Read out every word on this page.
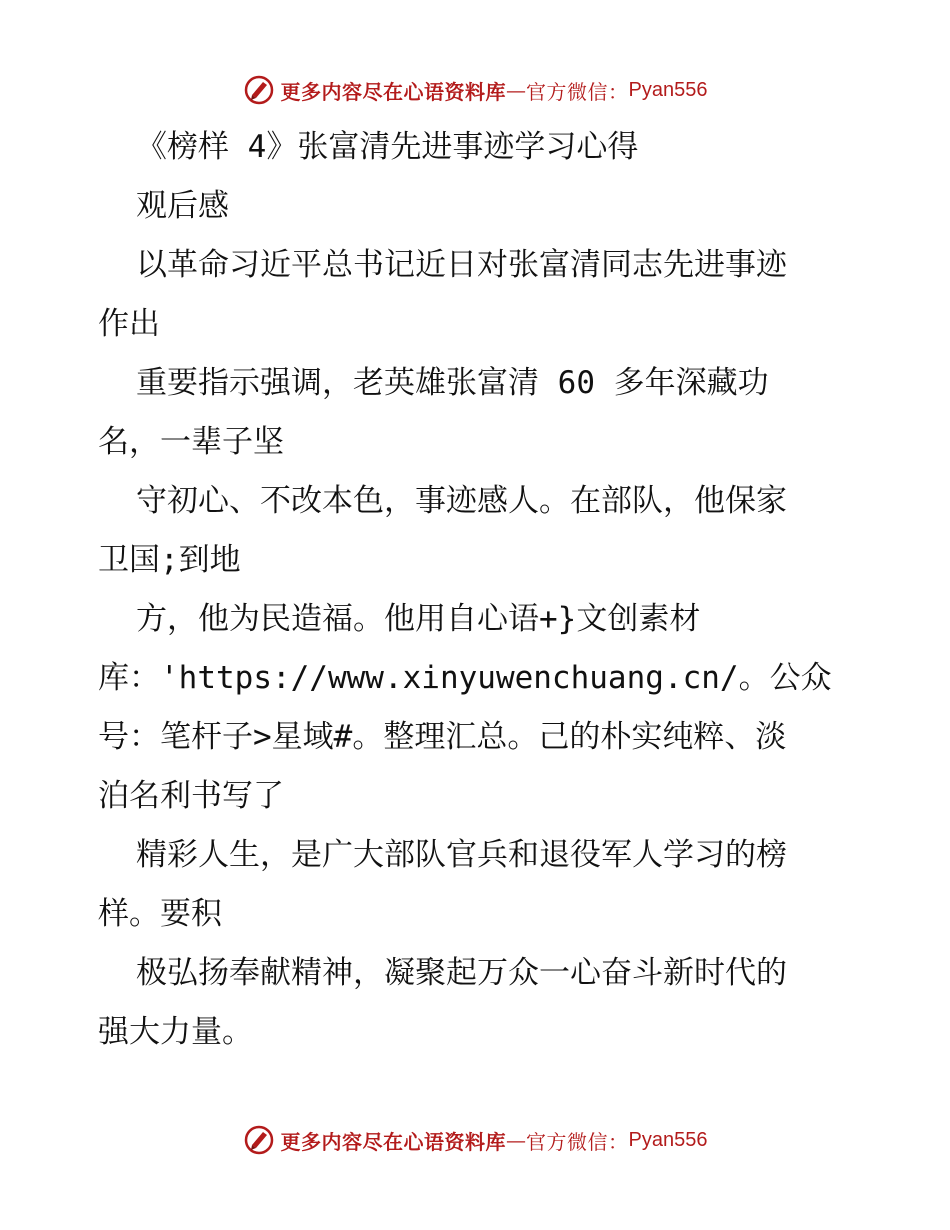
更多内容尽在心语资料库 — 官方微信： Pyan556
《榜样 4》张富清先进事迹学习心得
观后感
以革命习近平总书记近日对张富清同志先进事迹
作出
重要指示强调，老英雄张富清 60 多年深藏功
名，一辈子坚
守初心、不改本色，事迹感人。在部队，他保家
卫国;到地
方，他为民造福。他用自心语+}文创素材
库：'https://www.xinyuwenchuang.cn/。公众
号：笔杆子>星域#。整理汇总。己的朴实纯粹、淡
泊名利书写了
精彩人生，是广大部队官兵和退役军人学习的榜
样。要积
极弘扬奉献精神，凝聚起万众一心奋斗新时代的
强大力量。
更多内容尽在心语资料库 — 官方微信： Pyan556
